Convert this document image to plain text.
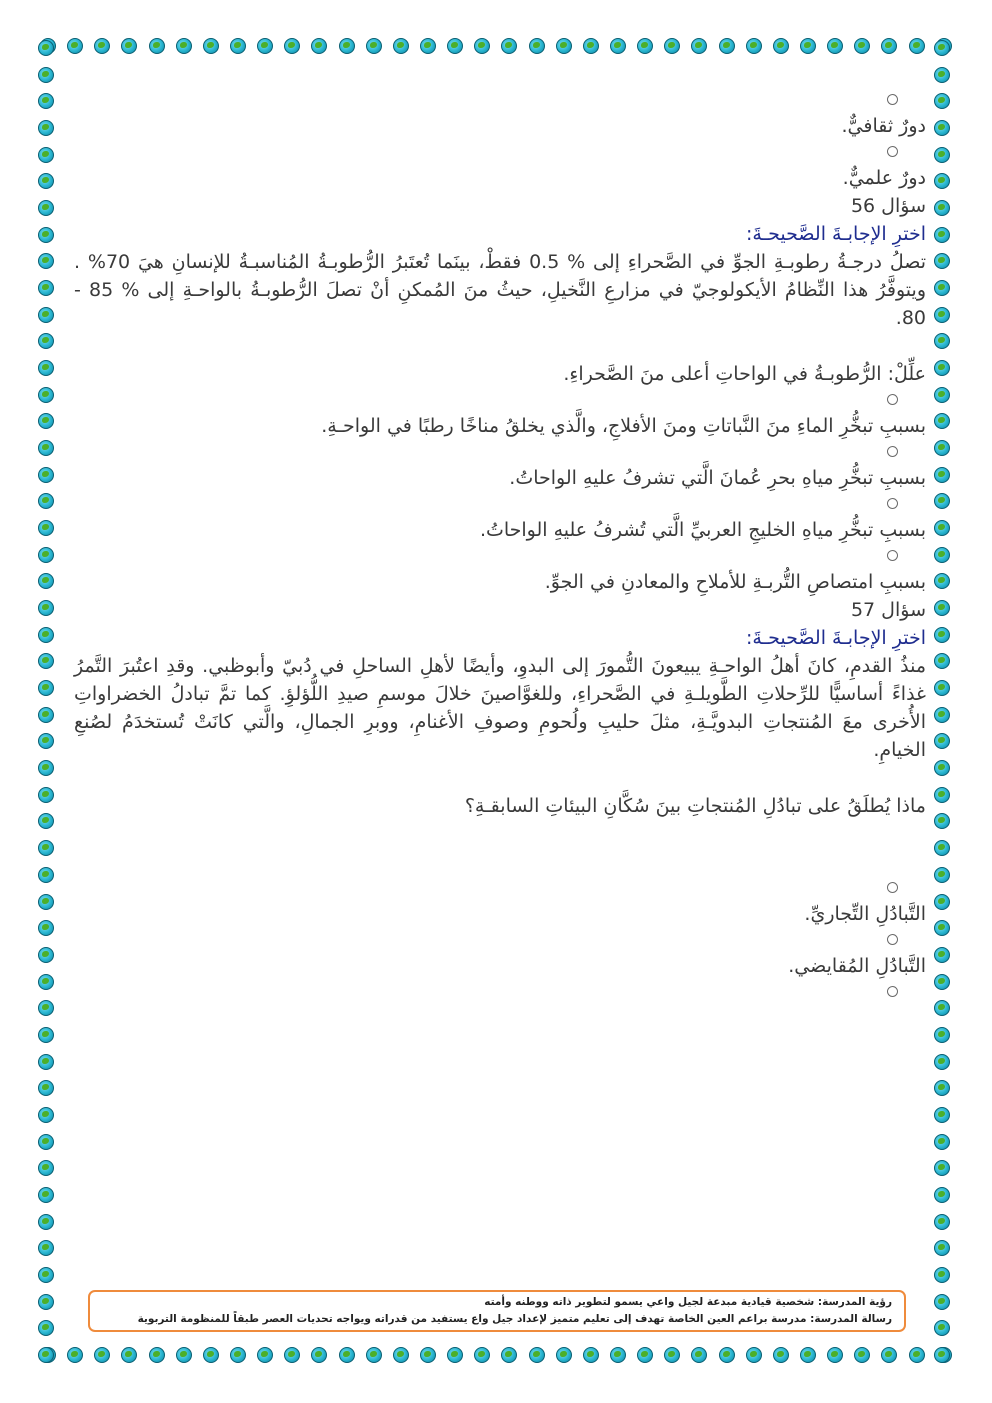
دورٌ ثقافيٌّ.

دورٌ علميٌّ.

سؤال 56

اخترِ الإجابـةَ الصَّحيحـةَ:

تصلُ درجـةُ رطوبـةِ الجوِّ في الصَّحراءِ إلى % 0.5 فقطْ، بينَما تُعتَبرُ الرُّطوبـةُ المُناسبـةُ للإنسانِ هيَ 70% . ويتوفَّرُ هذا النِّظامُ الأيكولوجيّ في مزارعِ النَّخيلِ، حيثُ منَ المُمكنِ أنْ تصلَ الرُّطوبـةُ بالواحـةِ إلى % 85 - 80.

علِّلْ: الرُّطوبـةُ في الواحاتِ أعلى منَ الصَّحراءِ.

بسببِ تبخُّرِ الماءِ منَ النَّباتاتِ ومنَ الأفلاجِ، والَّذي يخلقُ مناخًا رطبًا في الواحـةِ.

بسببِ تبخُّرِ مياهِ بحرِ عُمانَ الَّتي تشرفُ عليهِ الواحاتُ.

بسببِ تبخُّرِ مياهِ الخليجِ العربيِّ الَّتي تُشرفُ عليهِ الواحاتُ.

بسببِ امتصاصِ التُّربـةِ للأملاحِ والمعادنِ في الجوِّ.

سؤال 57

اخترِ الإجابـةَ الصَّحيحـةَ:

منذُ القدمِ، كانَ أهلُ الواحـةِ يبيعونَ التُّمورَ إلى البدوِ، وأيضًا لأهلِ الساحلِ في دُبيّ وأبوظبي. وقدِ اعتُبرَ التَّمرُ غذاءً أساسيًّا للرِّحلاتِ الطَّويلـةِ في الصَّحراءِ، وللغوَّاصينَ خلالَ موسمِ صيدِ اللُّؤلؤِ. كما تمَّ تبادلُ الخضراواتِ الأُخرى معَ المُنتجاتِ البدويَّـةِ، مثلَ حليبِ ولُحومِ وصوفِ الأغنامِ، ووبرِ الجمالِ، والَّتي كانَتْ تُستخدَمُ لصُنعِ الخيامِ.

ماذا يُطلَقُ على تبادُلِ المُنتجاتِ بينَ سُكَّانِ البيئاتِ السابقـةِ؟

التَّبادُلِ التِّجاريِّ.

التَّبادُلِ المُقايضي.

رؤية المدرسة: شخصية قيادية مبدعة لجيل واعي يسمو لتطوير ذاته ووطنه وأمته
رسالة المدرسة: مدرسة براعم العين الخاصة تهدف إلى تعليم متميز لإعداد جيل واع يستفيد من قدراته ويواجه تحديات العصر طبقاً للمنظومة التربوية
